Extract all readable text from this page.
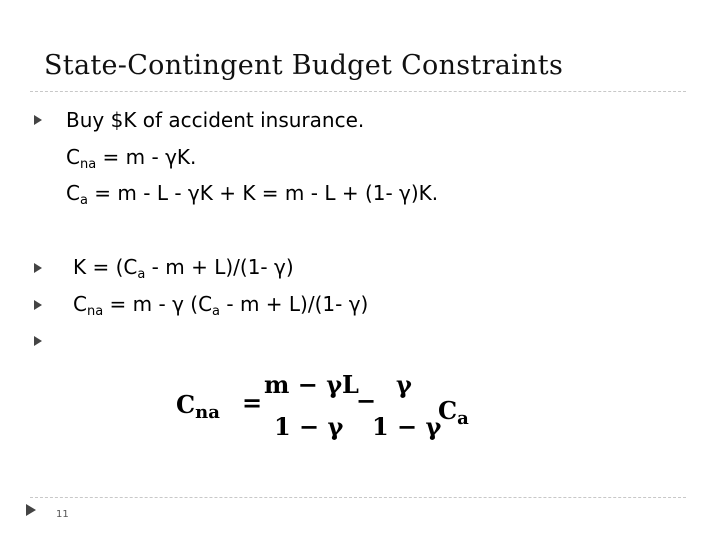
State-Contingent Budget Constraints
Buy $K of accident insurance.
$C_{na} = m - \gamma K$.
$C_a = m - L - \gamma K + K = m - L + (1-$ γ)K.
$K = (C_a - m + L)/(1-$ γ)
$C_{na} = m - \gamma$ $(C_a - m + L)/(1-$ γ)
$C_{na}$ =
m − γL
1 − γ
−
γ
1 − γ
$C_a$
11
